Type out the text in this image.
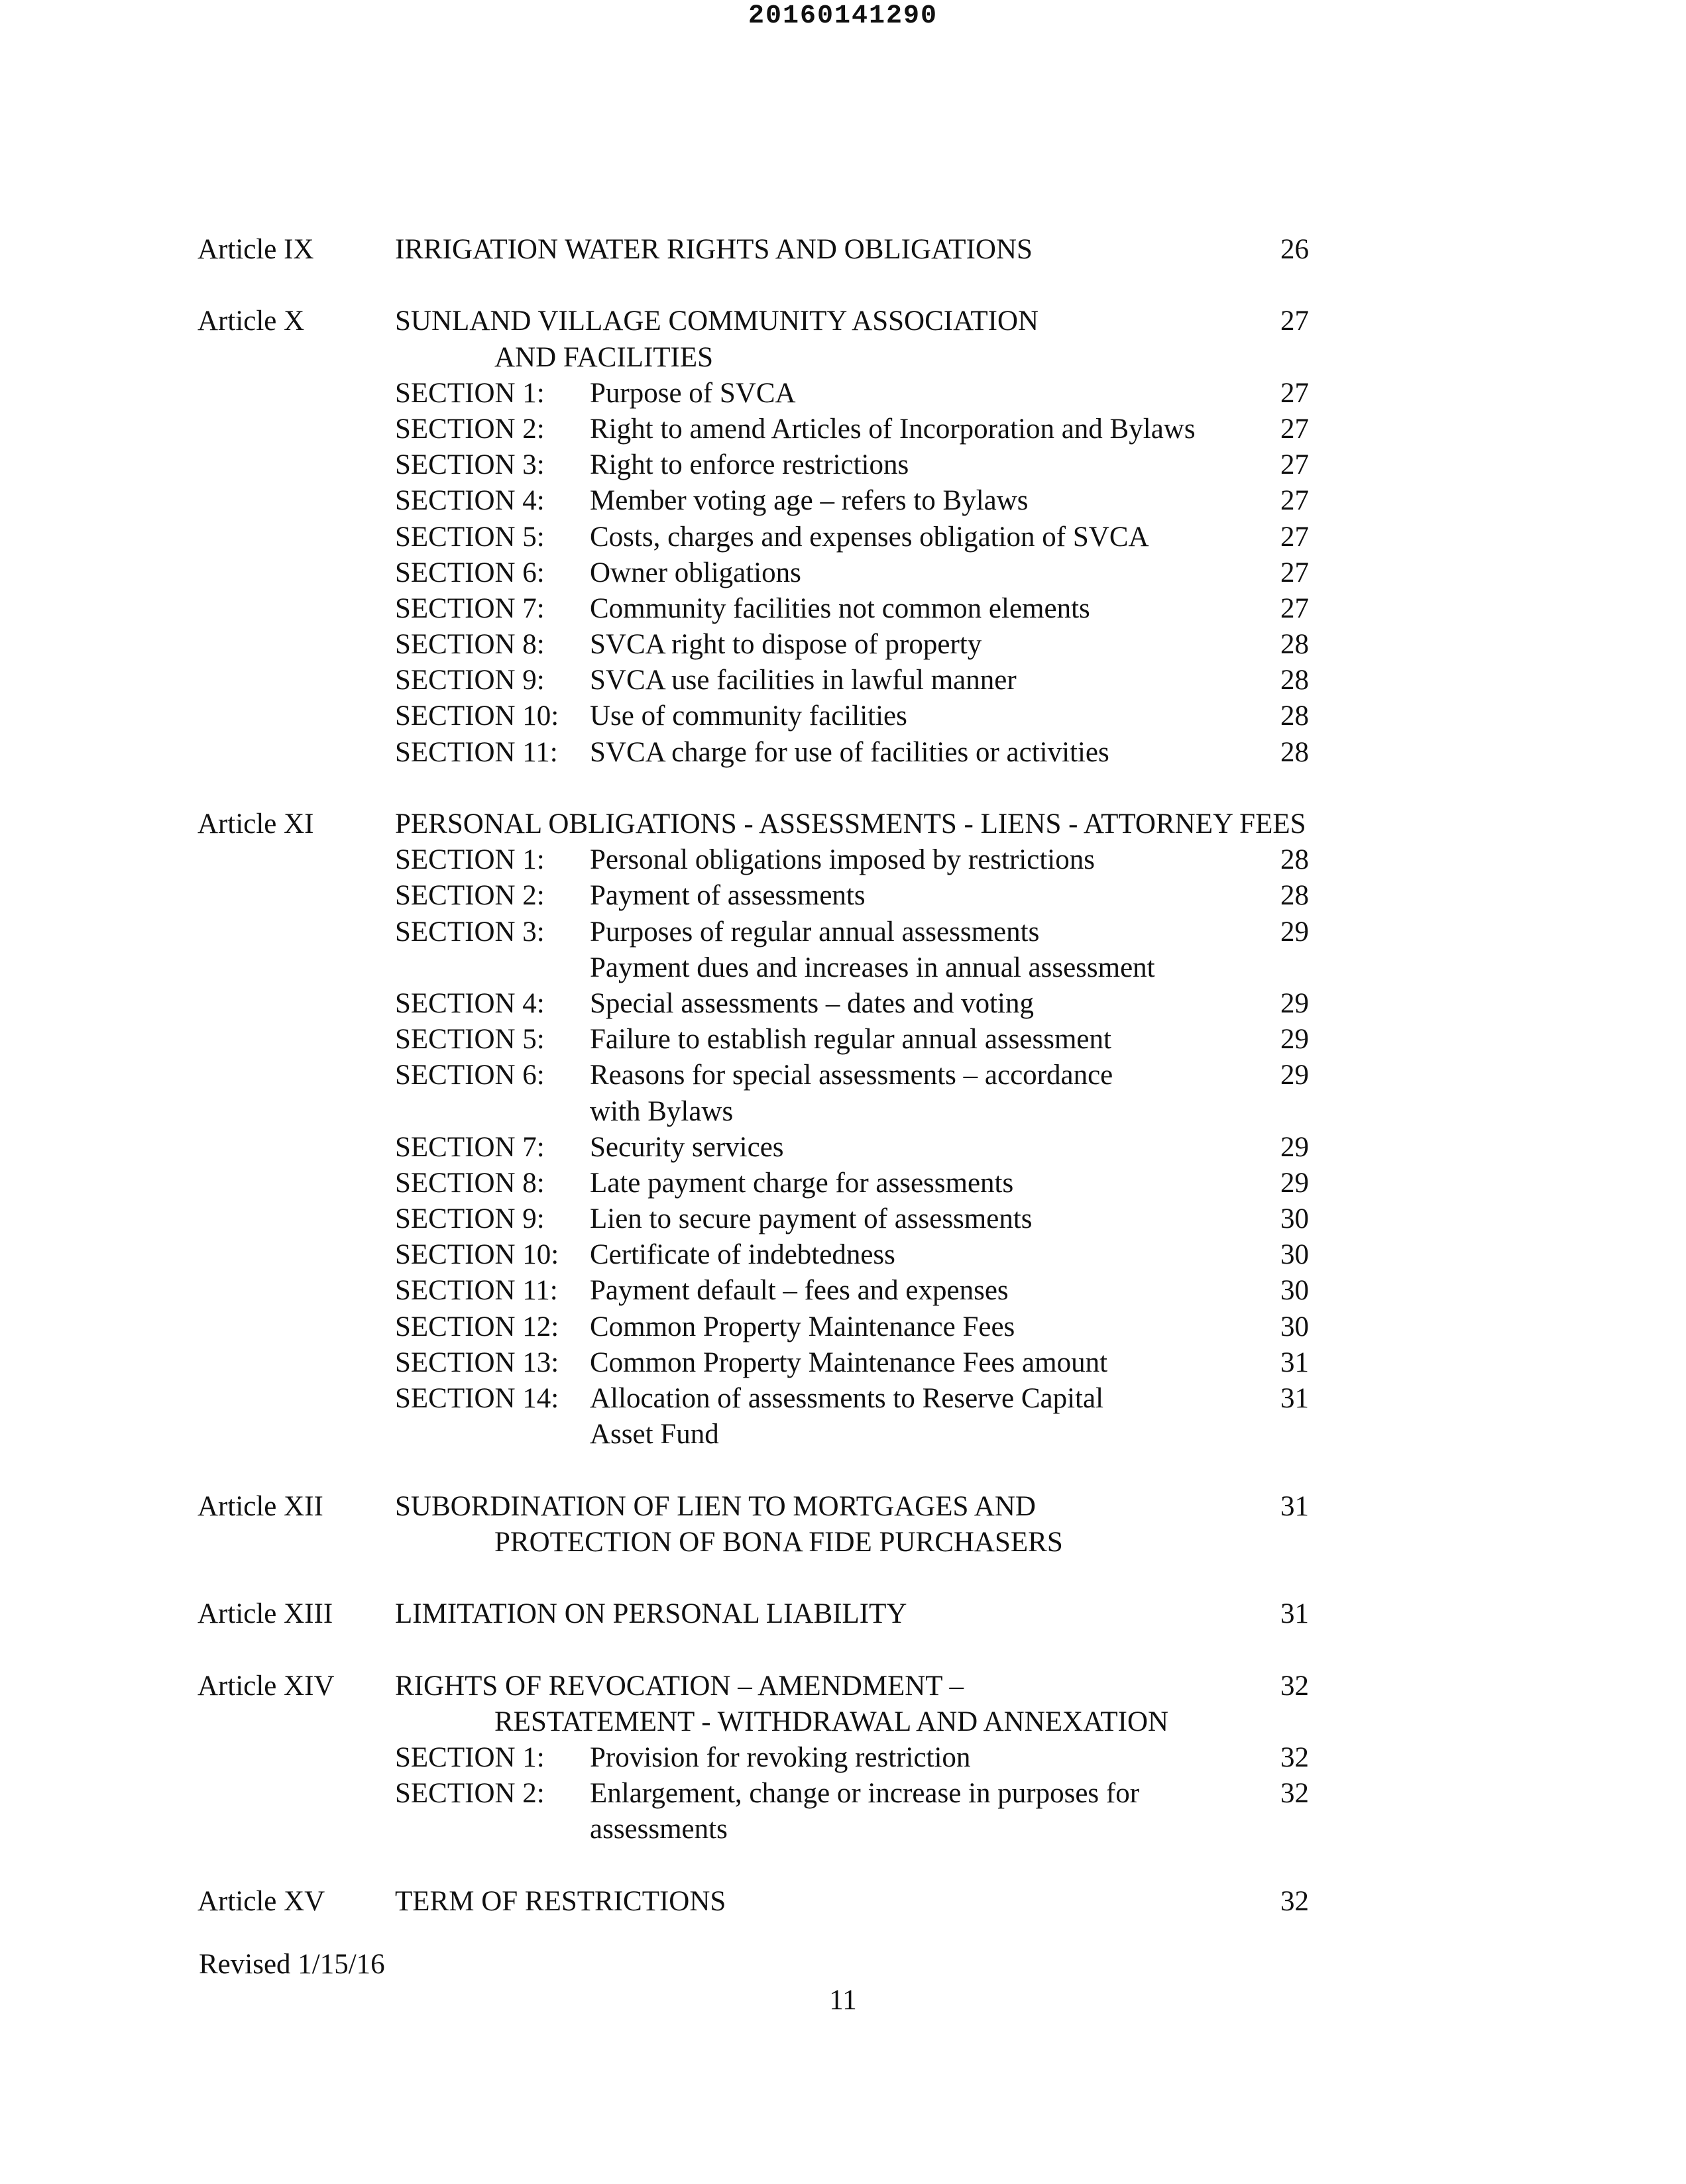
20160141290
Article IX	IRRIGATION WATER RIGHTS AND OBLIGATIONS	26
Article X	SUNLAND VILLAGE COMMUNITY ASSOCIATION	27
AND FACILITIES
SECTION 1: Purpose of SVCA	27
SECTION 2: Right to amend Articles of Incorporation and Bylaws	27
SECTION 3: Right to enforce restrictions	27
SECTION 4: Member voting age – refers to Bylaws	27
SECTION 5: Costs, charges and expenses obligation of SVCA	27
SECTION 6: Owner obligations	27
SECTION 7: Community facilities not common elements	27
SECTION 8: SVCA right to dispose of property	28
SECTION 9: SVCA use facilities in lawful manner	28
SECTION 10: Use of community facilities	28
SECTION 11: SVCA charge for use of facilities or activities	28
Article XI	PERSONAL OBLIGATIONS - ASSESSMENTS - LIENS - ATTORNEY FEES
SECTION 1: Personal obligations imposed by restrictions	28
SECTION 2: Payment of assessments	28
SECTION 3: Purposes of regular annual assessments	29
Payment dues and increases in annual assessment
SECTION 4: Special assessments – dates and voting	29
SECTION 5: Failure to establish regular annual assessment	29
SECTION 6: Reasons for special assessments – accordance	29
with Bylaws
SECTION 7: Security services	29
SECTION 8: Late payment charge for assessments	29
SECTION 9: Lien to secure payment of assessments	30
SECTION 10: Certificate of indebtedness	30
SECTION 11: Payment default – fees and expenses	30
SECTION 12: Common Property Maintenance Fees	30
SECTION 13: Common Property Maintenance Fees amount	31
SECTION 14: Allocation of assessments to Reserve Capital	31
Asset Fund
Article XII	SUBORDINATION OF LIEN TO MORTGAGES AND	31
PROTECTION OF BONA FIDE PURCHASERS
Article XIII LIMITATION ON PERSONAL LIABILITY	31
Article XIV RIGHTS OF REVOCATION – AMENDMENT –	32
RESTATEMENT - WITHDRAWAL AND ANNEXATION
SECTION 1: Provision for revoking restriction	32
SECTION 2: Enlargement, change or increase in purposes for	32
assessments
Article XV TERM OF RESTRICTIONS	32
Revised 1/15/16
11
